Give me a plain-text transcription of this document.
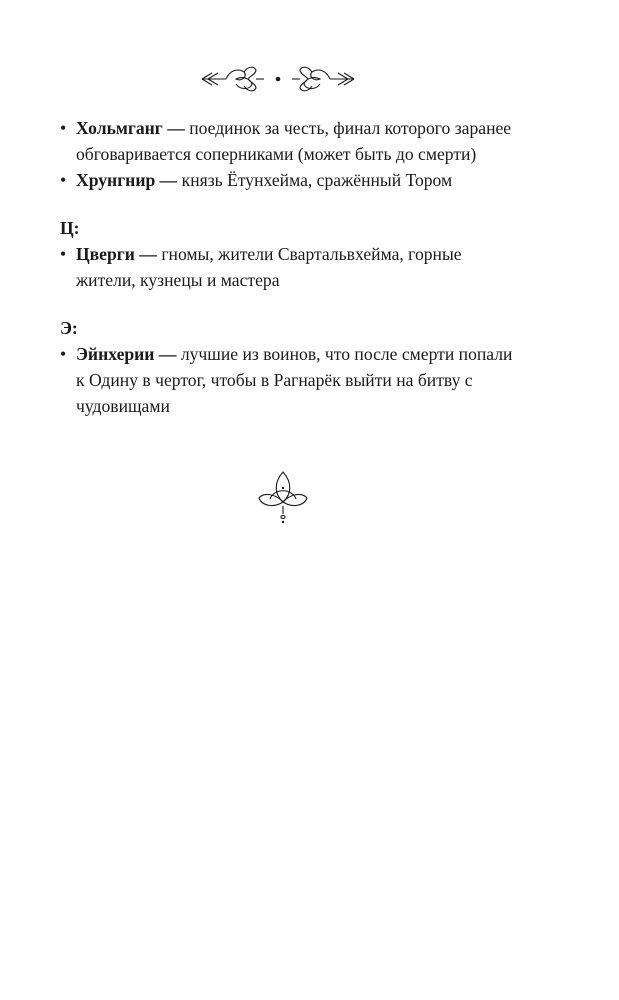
• Хольмганг — поединок за честь, финал которого заранее обговаривается соперниками (может быть до смерти)

• Хрунгнир — князь Ётунхейма, сражённый Тором

Ц:

• Цверги — гномы, жители Свартальвхейма, горные жители, кузнецы и мастера

Э:

• Эйнхерии — лучшие из воинов, что после смерти попали к Одину в чертог, чтобы в Рагнарёк выйти на битву с чудовищами
